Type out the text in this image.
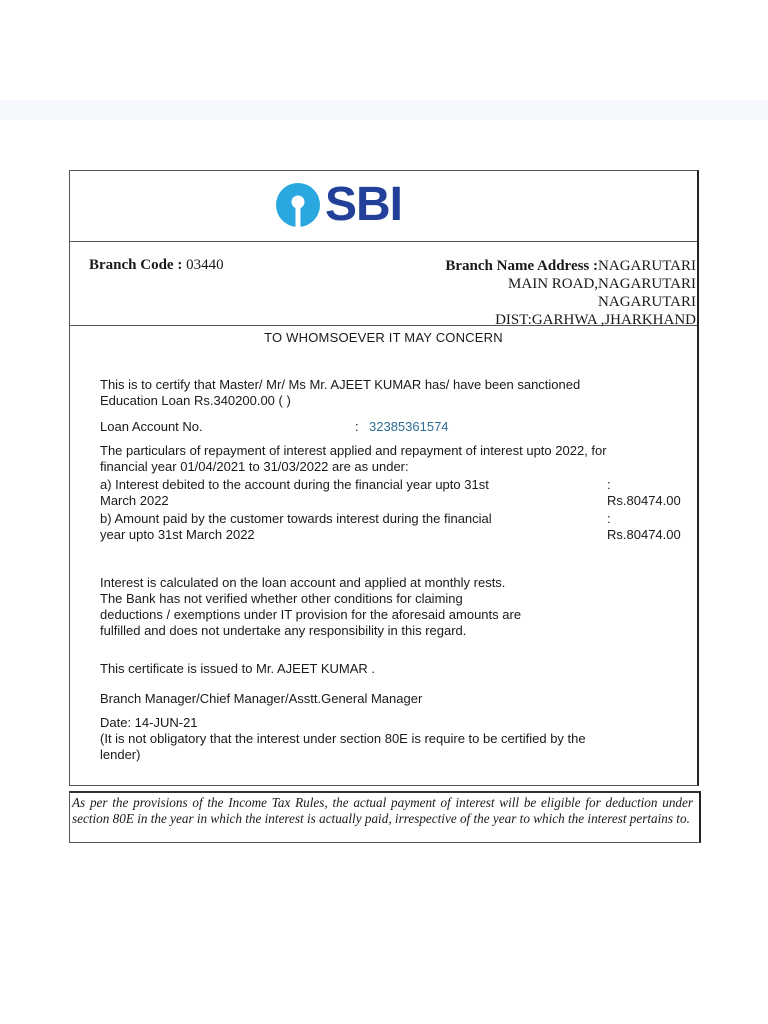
SBI
Branch Code : 03440	Branch Name Address :NAGARUTARI
MAIN ROAD,NAGARUTARI
NAGARUTARI
DIST:GARHWA ,JHARKHAND
TO WHOMSOEVER IT MAY CONCERN
This is to certify that Master/ Mr/ Ms Mr. AJEET KUMAR has/ have been sanctioned
Education Loan Rs.340200.00 ( )
Loan Account No.	: 32385361574
The particulars of repayment of interest applied and repayment of interest upto 2022, for
financial year 01/04/2021 to 31/03/2022 are as under:
a) Interest debited to the account during the financial year upto 31st
March 2022
:
Rs.80474.00
b) Amount paid by the customer towards interest during the financial
year upto 31st March 2022
:
Rs.80474.00
Interest is calculated on the loan account and applied at monthly rests.
The Bank has not verified whether other conditions for claiming
deductions / exemptions under IT provision for the aforesaid amounts are
fulfilled and does not undertake any responsibility in this regard.
This certificate is issued to Mr. AJEET KUMAR .
Branch Manager/Chief Manager/Asstt.General Manager
Date: 14-JUN-21
(It is not obligatory that the interest under section 80E is require to be certified by the
lender)
As per the provisions of the Income Tax Rules, the actual payment of interest will be eligible for deduction under section 80E in the year in which the interest is actually paid, irrespective of the year to which the interest pertains to.
